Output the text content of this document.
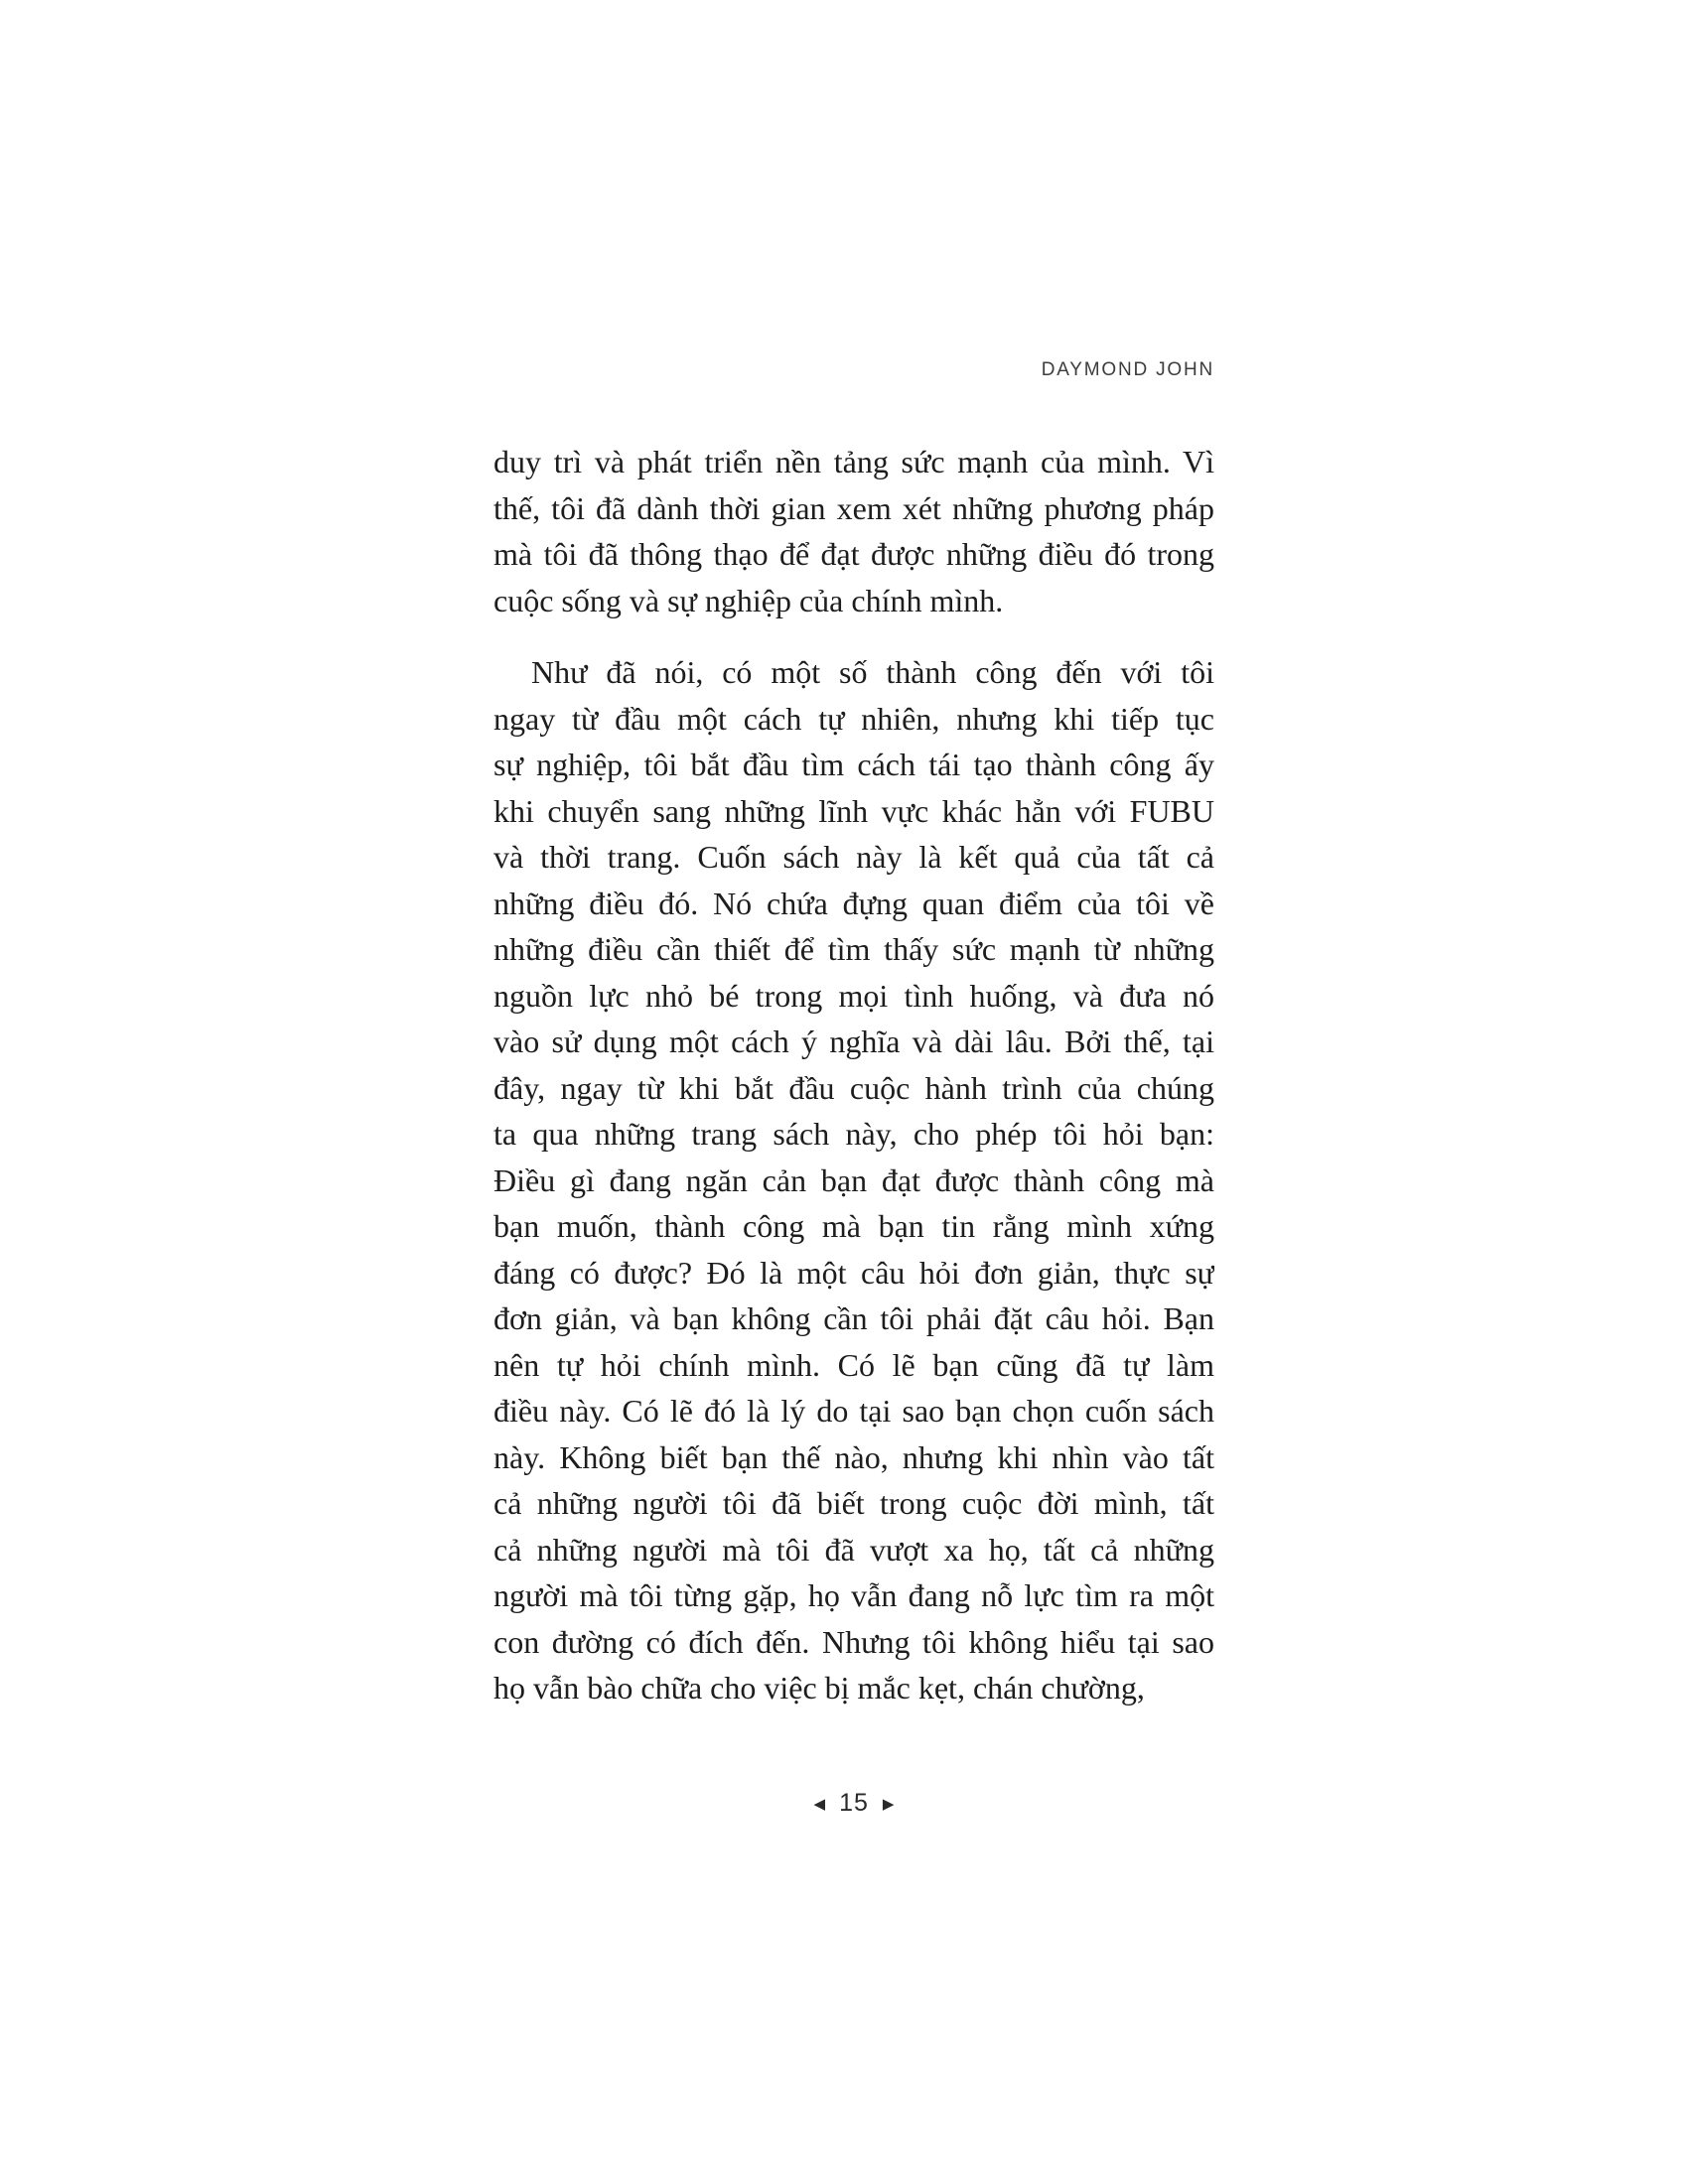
DAYMOND JOHN
duy trì và phát triển nền tảng sức mạnh của mình. Vì
thế, tôi đã dành thời gian xem xét những phương pháp
mà tôi đã thông thạo để đạt được những điều đó trong
cuộc sống và sự nghiệp của chính mình.
Như đã nói, có một số thành công đến với tôi
ngay từ đầu một cách tự nhiên, nhưng khi tiếp tục
sự nghiệp, tôi bắt đầu tìm cách tái tạo thành công ấy
khi chuyển sang những lĩnh vực khác hẳn với FUBU
và thời trang. Cuốn sách này là kết quả của tất cả
những điều đó. Nó chứa đựng quan điểm của tôi về
những điều cần thiết để tìm thấy sức mạnh từ những
nguồn lực nhỏ bé trong mọi tình huống, và đưa nó
vào sử dụng một cách ý nghĩa và dài lâu. Bởi thế, tại
đây, ngay từ khi bắt đầu cuộc hành trình của chúng
ta qua những trang sách này, cho phép tôi hỏi bạn:
Điều gì đang ngăn cản bạn đạt được thành công mà
bạn muốn, thành công mà bạn tin rằng mình xứng
đáng có được? Đó là một câu hỏi đơn giản, thực sự
đơn giản, và bạn không cần tôi phải đặt câu hỏi. Bạn
nên tự hỏi chính mình. Có lẽ bạn cũng đã tự làm
điều này. Có lẽ đó là lý do tại sao bạn chọn cuốn sách
này. Không biết bạn thế nào, nhưng khi nhìn vào tất
cả những người tôi đã biết trong cuộc đời mình, tất
cả những người mà tôi đã vượt xa họ, tất cả những
người mà tôi từng gặp, họ vẫn đang nỗ lực tìm ra một
con đường có đích đến. Nhưng tôi không hiểu tại sao
họ vẫn bào chữa cho việc bị mắc kẹt, chán chường,
◀ 15 ▶
